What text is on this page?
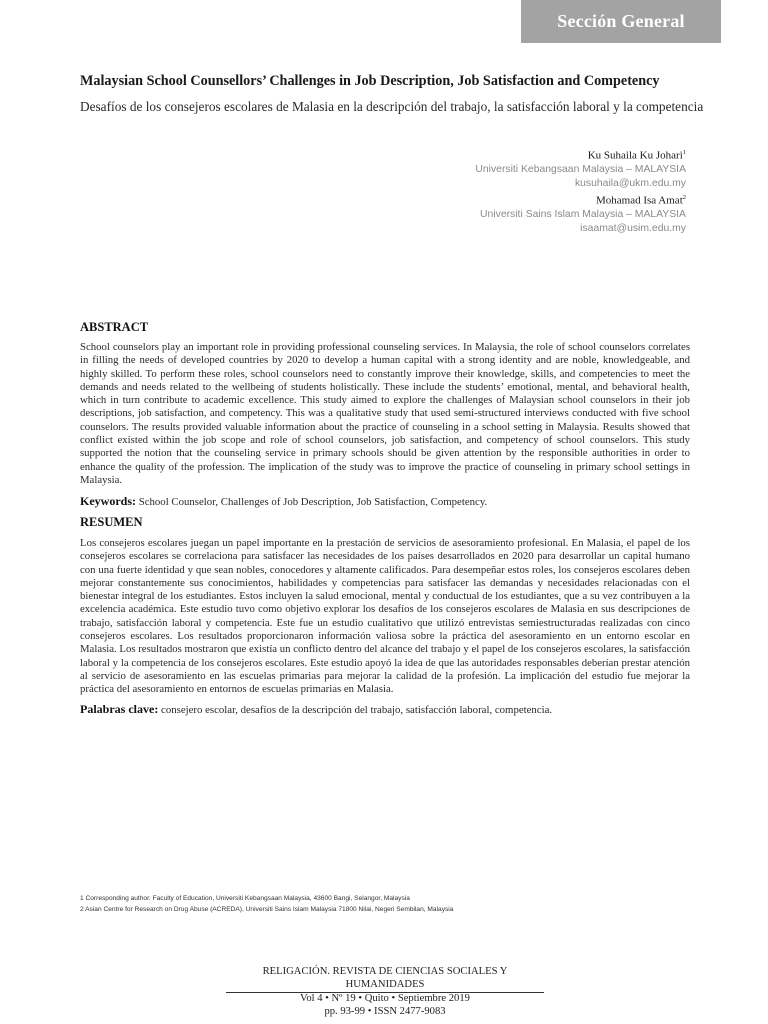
Sección General
Malaysian School Counsellors’ Challenges in Job Description, Job Satisfaction and Competency
Desafíos de los consejeros escolares de Malasia en la descripción del trabajo, la satisfacción laboral y la competencia
Ku Suhaila Ku Johari$^1$
Universiti Kebangsaan Malaysia – MALAYSIA
kusuhaila@ukm.edu.my
Mohamad Isa Amat$^2$
Universiti Sains Islam Malaysia – MALAYSIA
isaamat@usim.edu.my
ABSTRACT
School counselors play an important role in providing professional counseling services. In Malaysia, the role of school counselors correlates in filling the needs of developed countries by 2020 to develop a human capital with a strong identity and are noble, knowledgeable, and highly skilled. To perform these roles, school counselors need to constantly improve their knowledge, skills, and competencies to meet the demands and needs related to the wellbeing of students holistically. These include the students’ emotional, mental, and behavioral health, which in turn contribute to academic excellence. This study aimed to explore the challenges of Malaysian school counselors in their job descriptions, job satisfaction, and competency. This was a qualitative study that used semi-structured interviews conducted with five school counselors. The results provided valuable information about the practice of counseling in a school setting in Malaysia. Results showed that conflict existed within the job scope and role of school counselors, job satisfaction, and competency of school counselors. This study supported the notion that the counseling service in primary schools should be given attention by the responsible authorities in order to enhance the quality of the profession. The implication of the study was to improve the practice of counseling in primary school settings in Malaysia.
Keywords: School Counselor, Challenges of Job Description, Job Satisfaction, Competency.
RESUMEN
Los consejeros escolares juegan un papel importante en la prestación de servicios de asesoramiento profesional. En Malasia, el papel de los consejeros escolares se correlaciona para satisfacer las necesidades de los países desarrollados en 2020 para desarrollar un capital humano con una fuerte identidad y que sean nobles, conocedores y altamente calificados. Para desempeñar estos roles, los consejeros escolares deben mejorar constantemente sus conocimientos, habilidades y competencias para satisfacer las demandas y necesidades relacionadas con el bienestar integral de los estudiantes. Estos incluyen la salud emocional, mental y conductual de los estudiantes, que a su vez contribuyen a la excelencia académica. Este estudio tuvo como objetivo explorar los desafíos de los consejeros escolares de Malasia en sus descripciones de trabajo, satisfacción laboral y competencia. Este fue un estudio cualitativo que utilizó entrevistas semiestructuradas realizadas con cinco consejeros escolares. Los resultados proporcionaron información valiosa sobre la práctica del asesoramiento en un entorno escolar en Malasia. Los resultados mostraron que existía un conflicto dentro del alcance del trabajo y el papel de los consejeros escolares, la satisfacción laboral y la competencia de los consejeros escolares. Este estudio apoyó la idea de que las autoridades responsables deberían prestar atención al servicio de asesoramiento en las escuelas primarias para mejorar la calidad de la profesión. La implicación del estudio fue mejorar la práctica del asesoramiento en entornos de escuelas primarias en Malasia.
Palabras clave: consejero escolar, desafíos de la descripción del trabajo, satisfacción laboral, competencia.
1 Corresponding author. Faculty of Education, Universiti Kebangsaan Malaysia, 43600 Bangi, Selangor, Malaysia
2 Asian Centre for Research on Drug Abuse (ACREDA), Universiti Sains Islam Malaysia 71800 Nilai, Negeri Sembilan, Malaysia
RELIGACIÓN. REVISTA DE CIENCIAS SOCIALES Y HUMANIDADES
Vol 4 • Nº 19 • Quito • Septiembre 2019
pp. 93-99 • ISSN 2477-9083
